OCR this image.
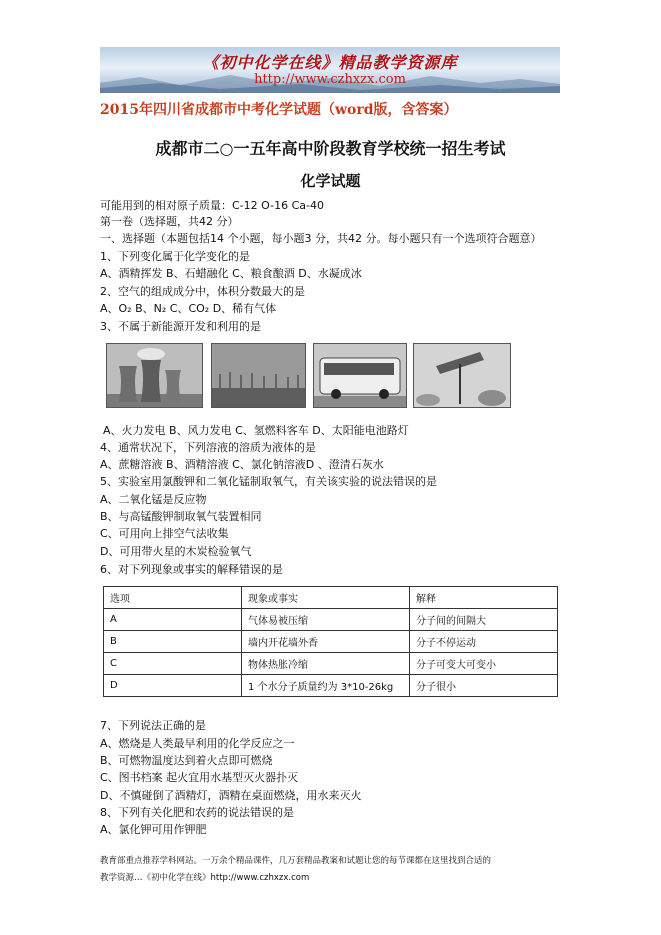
《初中化学在线》精品教学资源库
http://www.czhxzx.com
2015年四川省成都市中考化学试题（word版，含答案）
成都市二○一五年高中阶段教育学校统一招生考试
化学试题
可能用到的相对原子质量：C-12 O-16 Ca-40
第一卷（选择题，共42 分）
一、选择题（本题包括14 个小题，每小题3 分，共42 分。每小题只有一个选项符合题意）
1、下列变化属于化学变化的是
A、酒精挥发 B、石蜡融化 C、粮食酿酒 D、水凝成冰
2、空气的组成成分中，体积分数最大的是
A、O₂ B、N₂ C、CO₂ D、稀有气体
3、不属于新能源开发和利用的是
A、火力发电 B、风力发电 C、氢燃料客车 D、太阳能电池路灯
4、通常状况下，下列溶液的溶质为液体的是
A、蔗糖溶液 B、酒精溶液 C、氯化钠溶液D 、澄清石灰水
5、实验室用氯酸钾和二氧化锰制取氧气，有关该实验的说法错误的是
A、二氧化锰是反应物
B、与高锰酸钾制取氧气装置相同
C、可用向上排空气法收集
D、可用带火星的木炭检验氧气
6、对下列现象或事实的解释错误的是
选项	现象或事实	解释
A	气体易被压缩	分子间的间隔大
B	墙内开花墙外香	分子不停运动
C	物体热胀冷缩	分子可变大可变小
D	1 个水分子质量约为 3*10-26kg	分子很小
7、下列说法正确的是
A、燃烧是人类最早利用的化学反应之一
B、可燃物温度达到着火点即可燃烧
C、图书档案 起火宜用水基型灭火器扑灭
D、不慎碰倒了酒精灯，酒精在桌面燃烧，用水来灭火
8、下列有关化肥和农药的说法错误的是
A、氯化钾可用作钾肥
教育部重点推荐学科网站。一万余个精品课件，几万套精品教案和试题让您的每节课都在这里找到合适的
教学资源…《初中化学在线》http://www.czhxzx.com
